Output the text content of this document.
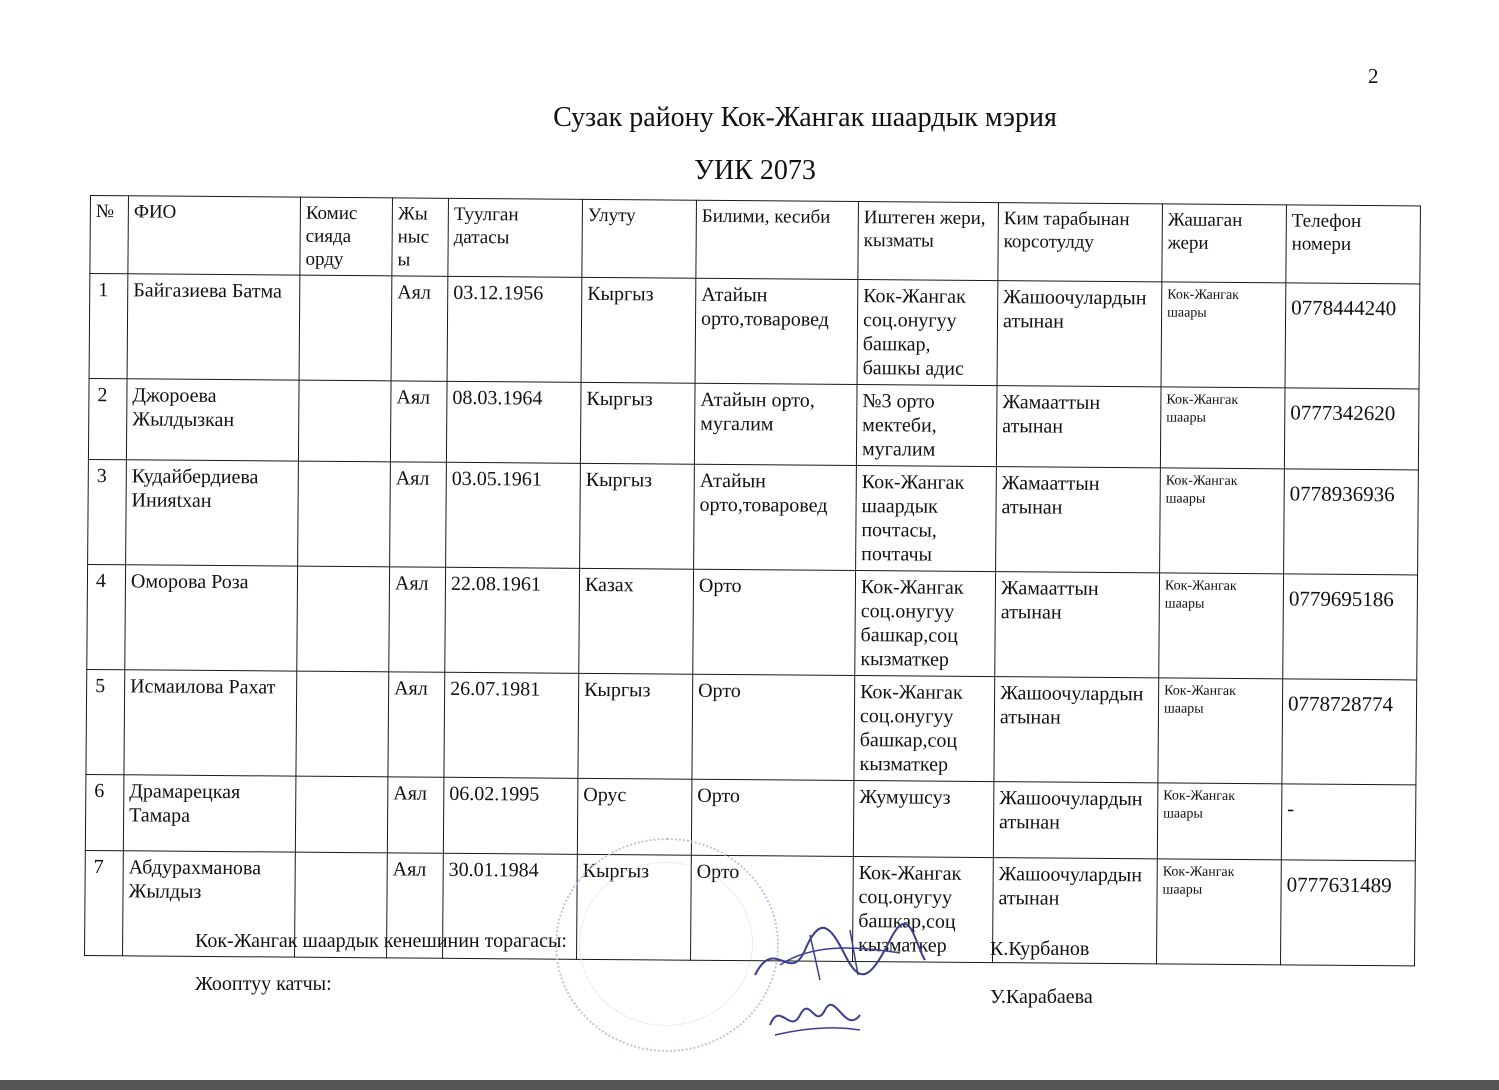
2
Сузак району Кок-Жангак шаардык мэрия
УИК 2073
№	ФИО	Комис сияда орду	Жы ныс ы	Туулган датасы	Улуту	Билими, кесиби	Иштеген жери, кызматы	Ким тарабынан корсотулду	Жашаган жери	Телефон номери
1	Байгазиева Батма		Аял	03.12.1956	Кыргыз	Атайын орто,товаровед	Кок-Жангак соц.онугуу башкар, башкы адис	Жашоочулардын атынан	Кок-Жангак шаары	0778444240
2	Джороева Жылдызкан		Аял	08.03.1964	Кыргыз	Атайын орто, мугалим	№3 орто мектеби, мугалим	Жамааттын атынан	Кок-Жангак шаары	0777342620
3	Кудайбердиева Инияtхан		Аял	03.05.1961	Кыргыз	Атайын орто,товаровед	Кок-Жангак шаардык почтасы, почтачы	Жамааттын атынан	Кок-Жангак шаары	0778936936
4	Оморова Роза		Аял	22.08.1961	Казах	Орто	Кок-Жангак соц.онугуу башкар,соц кызматкер	Жамааттын атынан	Кок-Жангак шаары	0779695186
5	Исмаилова Рахат		Аял	26.07.1981	Кыргыз	Орто	Кок-Жангак соц.онугуу башкар,соц кызматкер	Жашоочулардын атынан	Кок-Жангак шаары	0778728774
6	Драмарецкая Тамара		Аял	06.02.1995	Орус	Орто	Жумушсуз	Жашоочулардын атынан	Кок-Жангак шаары	-
7	Абдурахманова Жылдыз		Аял	30.01.1984	Кыргыз	Орто	Кок-Жангак соц.онугуу башкар,соц кызматкер	Жашоочулардын атынан	Кок-Жангак шаары	0777631489
Кок-Жангак шаардык кенешинин торагасы:	К.Курбанов
Жооптуу катчы:
У.Карабаева
